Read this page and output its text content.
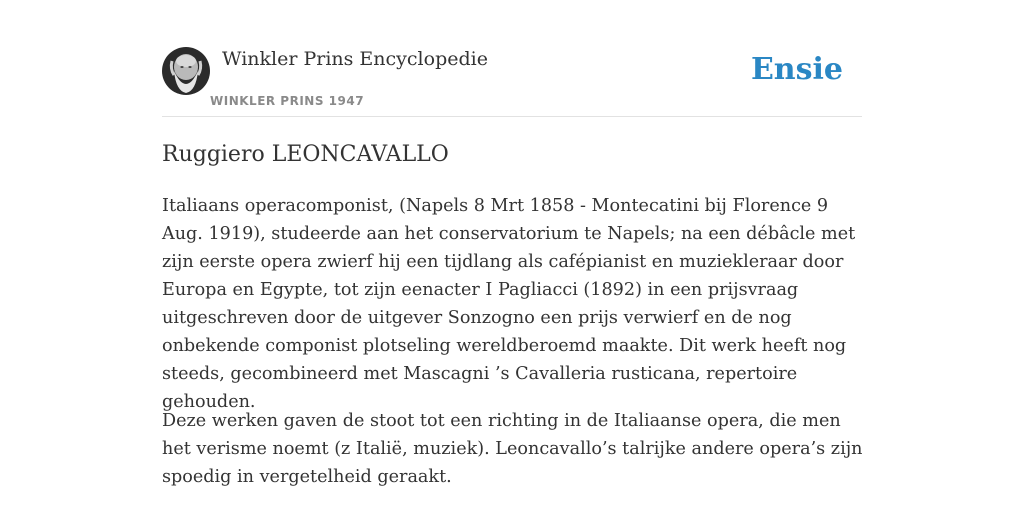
Winkler Prins Encyclopedie
WINKLER PRINS 1947
Ensie
Ruggiero LEONCAVALLO

Italiaans operacomponist, (Napels 8 Mrt 1858 - Montecatini bij Florence 9 Aug. 1919), studeerde aan het conservatorium te Napels; na een débâcle met zijn eerste opera zwierf hij een tijdlang als cafépianist en muziekleraar door Europa en Egypte, tot zijn eenacter I Pagliacci (1892) in een prijsvraag uitgeschreven door de uitgever Sonzogno een prijs verwierf en de nog onbekende componist plotseling wereldberoemd maakte. Dit werk heeft nog steeds, gecombineerd met Mascagni ’s Cavalleria rusticana, repertoire gehouden.

Deze werken gaven de stoot tot een richting in de Italiaanse opera, die men het verisme noemt (z Italië, muziek). Leoncavallo’s talrijke andere opera’s zijn spoedig in vergetelheid geraakt.
